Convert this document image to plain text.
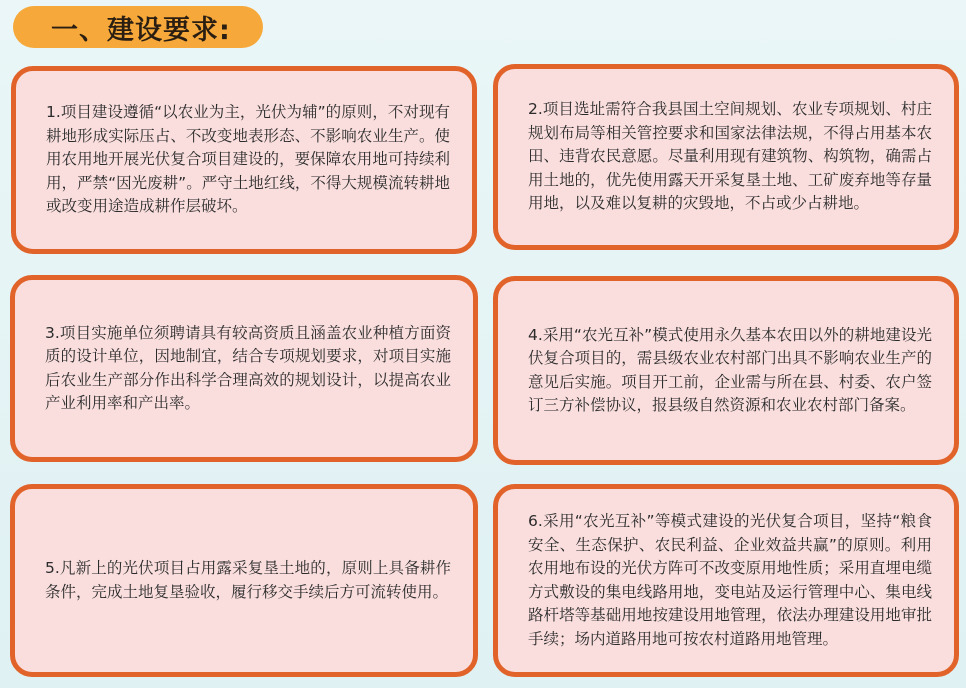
一、建设要求:

1.项目建设遵循“以农业为主，光伏为辅”的原则，不对现有耕地形成实际压占、不改变地表形态、不影响农业生产。使用农用地开展光伏复合项目建设的，要保障农用地可持续利用，严禁“因光废耕”。严守土地红线，不得大规模流转耕地或改变用途造成耕作层破坏。

2.项目选址需符合我县国土空间规划、农业专项规划、村庄规划布局等相关管控要求和国家法律法规，不得占用基本农田、违背农民意愿。尽量利用现有建筑物、构筑物，确需占用土地的，优先使用露天开采复垦土地、工矿废弃地等存量用地，以及难以复耕的灾毁地，不占或少占耕地。

3.项目实施单位须聘请具有较高资质且涵盖农业种植方面资质的设计单位，因地制宜，结合专项规划要求，对项目实施后农业生产部分作出科学合理高效的规划设计，以提高农业产业利用率和产出率。

4.采用“农光互补”模式使用永久基本农田以外的耕地建设光伏复合项目的，需县级农业农村部门出具不影响农业生产的意见后实施。项目开工前，企业需与所在县、村委、农户签订三方补偿协议，报县级自然资源和农业农村部门备案。

5.凡新上的光伏项目占用露采复垦土地的，原则上具备耕作条件，完成土地复垦验收，履行移交手续后方可流转使用。

6.采用“农光互补”等模式建设的光伏复合项目，坚持“粮食安全、生态保护、农民利益、企业效益共赢”的原则。利用农用地布设的光伏方阵可不改变原用地性质；采用直埋电缆方式敷设的集电线路用地，变电站及运行管理中心、集电线路杆塔等基础用地按建设用地管理，依法办理建设用地审批手续；场内道路用地可按农村道路用地管理。
